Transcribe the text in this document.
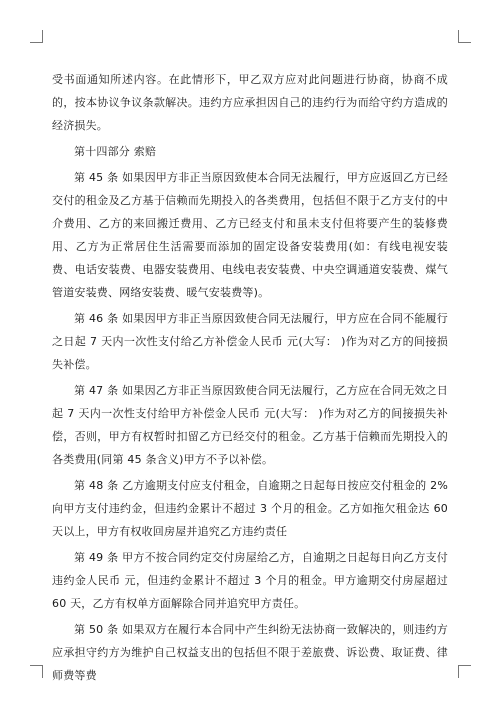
受书面通知所述内容。在此情形下，甲乙双方应对此问题进行协商，协商不成的，按本协议争议条款解决。违约方应承担因自己的违约行为而给守约方造成的经济损失。

第十四部分 索赔

第 45 条 如果因甲方非正当原因致使本合同无法履行，甲方应返回乙方已经交付的租金及乙方基于信赖而先期投入的各类费用，包括但不限于乙方支付的中介费用、乙方的来回搬迁费用、乙方已经支付和虽未支付但将要产生的装修费用、乙方为正常居住生活需要而添加的固定设备安装费用(如：有线电视安装费、电话安装费、电器安装费用、电线电表安装费、中央空调通道安装费、煤气管道安装费、网络安装费、暖气安装费等)。

第 46 条 如果因甲方非正当原因致使合同无法履行，甲方应在合同不能履行之日起 7 天内一次性支付给乙方补偿金人民币 元(大写： )作为对乙方的间接损失补偿。

第 47 条 如果因乙方非正当原因致使合同无法履行，乙方应在合同无效之日起 7 天内一次性支付给甲方补偿金人民币 元(大写： )作为对乙方的间接损失补偿，否则，甲方有权暂时扣留乙方已经交付的租金。乙方基于信赖而先期投入的各类费用(同第 45 条含义)甲方不予以补偿。

第 48 条 乙方逾期支付应支付租金，自逾期之日起每日按应交付租金的 2%向甲方支付违约金，但违约金累计不超过 3 个月的租金。乙方如拖欠租金达 60 天以上，甲方有权收回房屋并追究乙方违约责任

第 49 条 甲方不按合同约定交付房屋给乙方，自逾期之日起每日向乙方支付违约金人民币 元，但违约金累计不超过 3 个月的租金。甲方逾期交付房屋超过 60 天，乙方有权单方面解除合同并追究甲方责任。

第 50 条 如果双方在履行本合同中产生纠纷无法协商一致解决的，则违约方应承担守约方为维护自己权益支出的包括但不限于差旅费、诉讼费、取证费、律师费等费
